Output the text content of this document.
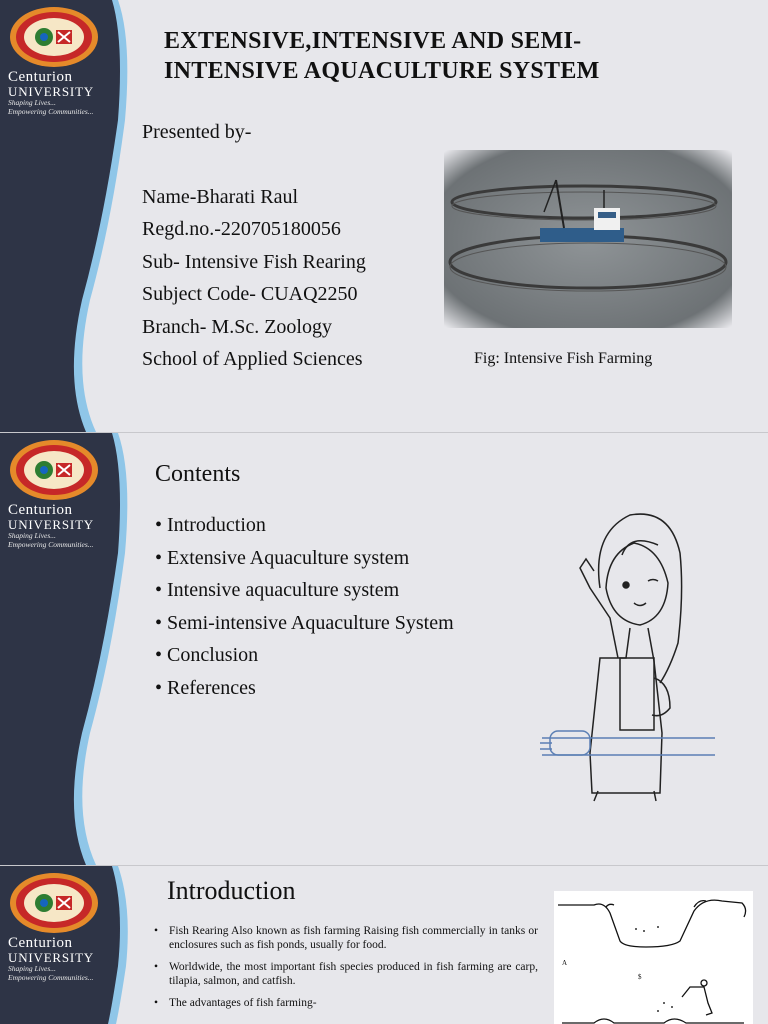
Centurion
UNIVERSITY
Shaping Lives...
Empowering Communities...
EXTENSIVE,INTENSIVE AND SEMI-
INTENSIVE AQUACULTURE SYSTEM
Presented by-
Name-Bharati Raul
Regd.no.-220705180056
Sub- Intensive Fish Rearing
Subject Code- CUAQ2250
Branch- M.Sc. Zoology
School of Applied Sciences	Fig: Intensive Fish Farming
Centurion
UNIVERSITY
Shaping Lives...
Empowering Communities...
Contents
• Introduction
• Extensive Aquaculture system
• Intensive aquaculture system
• Semi-intensive Aquaculture System
• Conclusion
• References
Centurion
UNIVERSITY
Shaping Lives...
Empowering Communities...
Introduction
• Fish Rearing Also known as fish farming Raising fish commercially in tanks or enclosures such as fish ponds, usually for food.
• Worldwide, the most important fish species produced in fish farming are carp, tilapia, salmon, and catfish.
• The advantages of fish farming-
A
$
